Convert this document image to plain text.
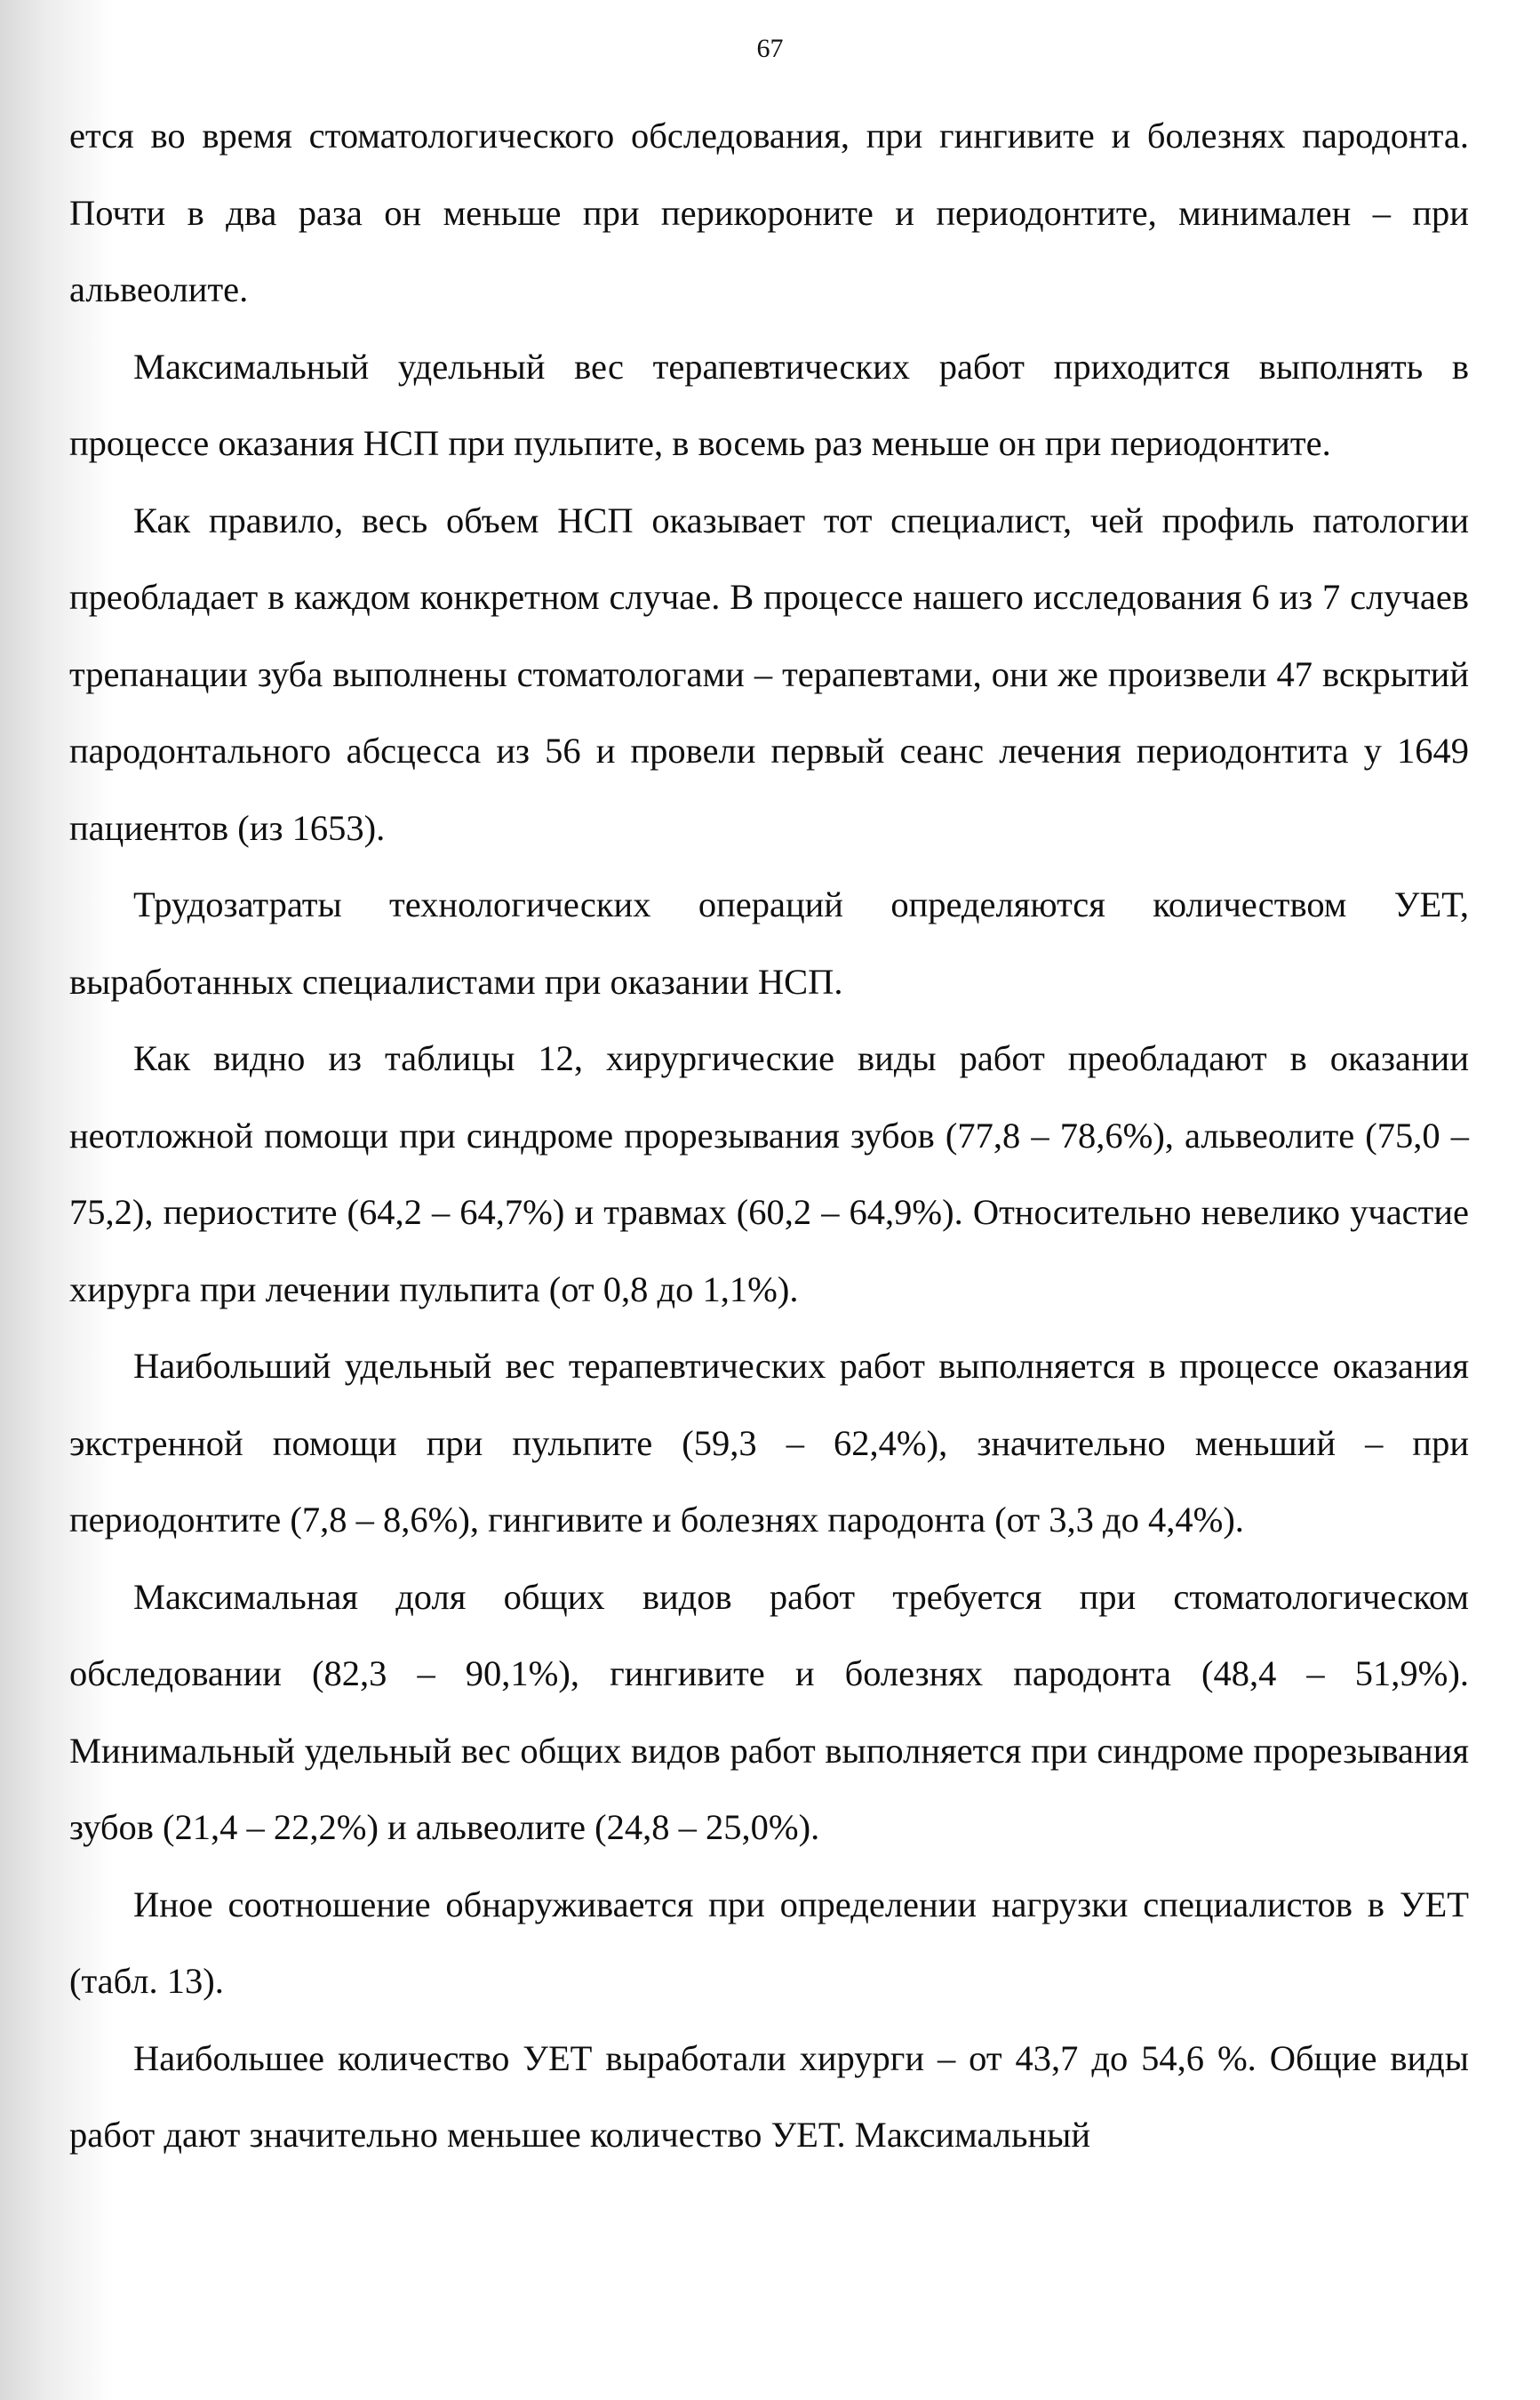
67

ется во время стоматологического обследования, при гингивите и болезнях пародонта. Почти в два раза он меньше при перикороните и периодонтите, минимален – при альвеолите.

Максимальный удельный вес терапевтических работ приходится выполнять в процессе оказания НСП при пульпите, в восемь раз меньше он при периодонтите.

Как правило, весь объем НСП оказывает тот специалист, чей профиль патологии преобладает в каждом конкретном случае. В процессе нашего исследования 6 из 7 случаев трепанации зуба выполнены стоматологами – терапевтами, они же произвели 47 вскрытий пародонтального абсцесса из 56 и провели первый сеанс лечения периодонтита у 1649 пациентов (из 1653).

Трудозатраты технологических операций определяются количеством УЕТ, выработанных специалистами при оказании НСП.

Как видно из таблицы 12, хирургические виды работ преобладают в оказании неотложной помощи при синдроме прорезывания зубов (77,8 – 78,6%), альвеолите (75,0 – 75,2), периостите (64,2 – 64,7%) и травмах (60,2 – 64,9%). Относительно невелико участие хирурга при лечении пульпита (от 0,8 до 1,1%).

Наибольший удельный вес терапевтических работ выполняется в процессе оказания экстренной помощи при пульпите (59,3 – 62,4%), значительно меньший – при периодонтите (7,8 – 8,6%), гингивите и болезнях пародонта (от 3,3 до 4,4%).

Максимальная доля общих видов работ требуется при стоматологическом обследовании (82,3 – 90,1%), гингивите и болезнях пародонта (48,4 – 51,9%). Минимальный удельный вес общих видов работ выполняется при синдроме прорезывания зубов (21,4 – 22,2%) и альвеолите (24,8 – 25,0%).

Иное соотношение обнаруживается при определении нагрузки специалистов в УЕТ (табл. 13).

Наибольшее количество УЕТ выработали хирурги – от 43,7 до 54,6 %. Общие виды работ дают значительно меньшее количество УЕТ. Максимальный
